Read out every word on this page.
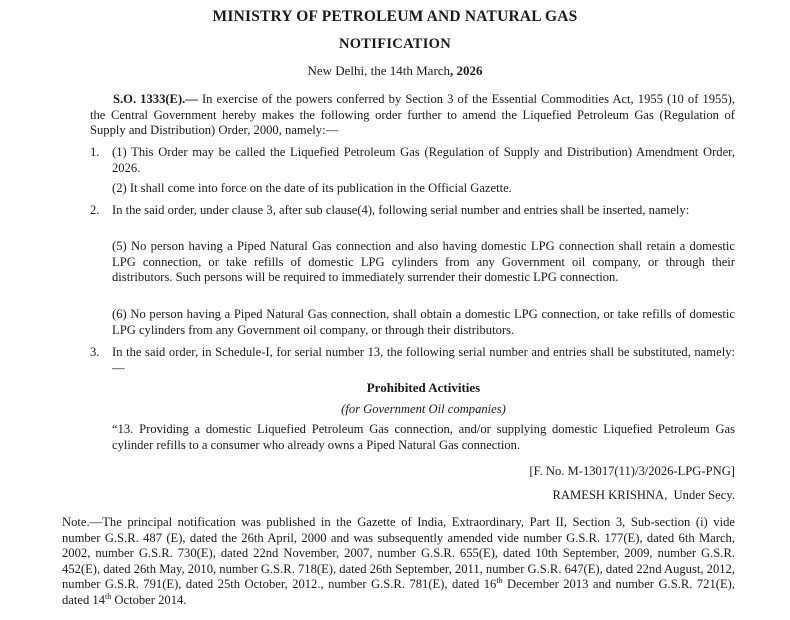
MINISTRY OF PETROLEUM AND NATURAL GAS
NOTIFICATION
New Delhi, the 14th March, 2026
S.O. 1333(E).— In exercise of the powers conferred by Section 3 of the Essential Commodities Act, 1955 (10 of 1955), the Central Government hereby makes the following order further to amend the Liquefied Petroleum Gas (Regulation of Supply and Distribution) Order, 2000, namely:—
1. (1) This Order may be called the Liquefied Petroleum Gas (Regulation of Supply and Distribution) Amendment Order, 2026.
(2) It shall come into force on the date of its publication in the Official Gazette.
2. In the said order, under clause 3, after sub clause(4), following serial number and entries shall be inserted, namely:
(5) No person having a Piped Natural Gas connection and also having domestic LPG connection shall retain a domestic LPG connection, or take refills of domestic LPG cylinders from any Government oil company, or through their distributors. Such persons will be required to immediately surrender their domestic LPG connection.
(6) No person having a Piped Natural Gas connection, shall obtain a domestic LPG connection, or take refills of domestic LPG cylinders from any Government oil company, or through their distributors.
3. In the said order, in Schedule-I, for serial number 13, the following serial number and entries shall be substituted, namely:—
Prohibited Activities
(for Government Oil companies)
“13. Providing a domestic Liquefied Petroleum Gas connection, and/or supplying domestic Liquefied Petroleum Gas cylinder refills to a consumer who already owns a Piped Natural Gas connection.
[F. No. M-13017(11)/3/2026-LPG-PNG]
RAMESH KRISHNA,  Under Secy.
Note.—The principal notification was published in the Gazette of India, Extraordinary, Part II, Section 3, Sub-section (i) vide number G.S.R. 487 (E), dated the 26th April, 2000 and was subsequently amended vide number G.S.R. 177(E), dated 6th March, 2002, number G.S.R. 730(E), dated 22nd November, 2007, number G.S.R. 655(E), dated 10th September, 2009, number G.S.R. 452(E), dated 26th May, 2010, number G.S.R. 718(E), dated 26th September, 2011, number G.S.R. 647(E), dated 22nd August, 2012, number G.S.R. 791(E), dated 25th October, 2012., number G.S.R. 781(E), dated 16th December 2013 and number G.S.R. 721(E), dated 14th October 2014.
